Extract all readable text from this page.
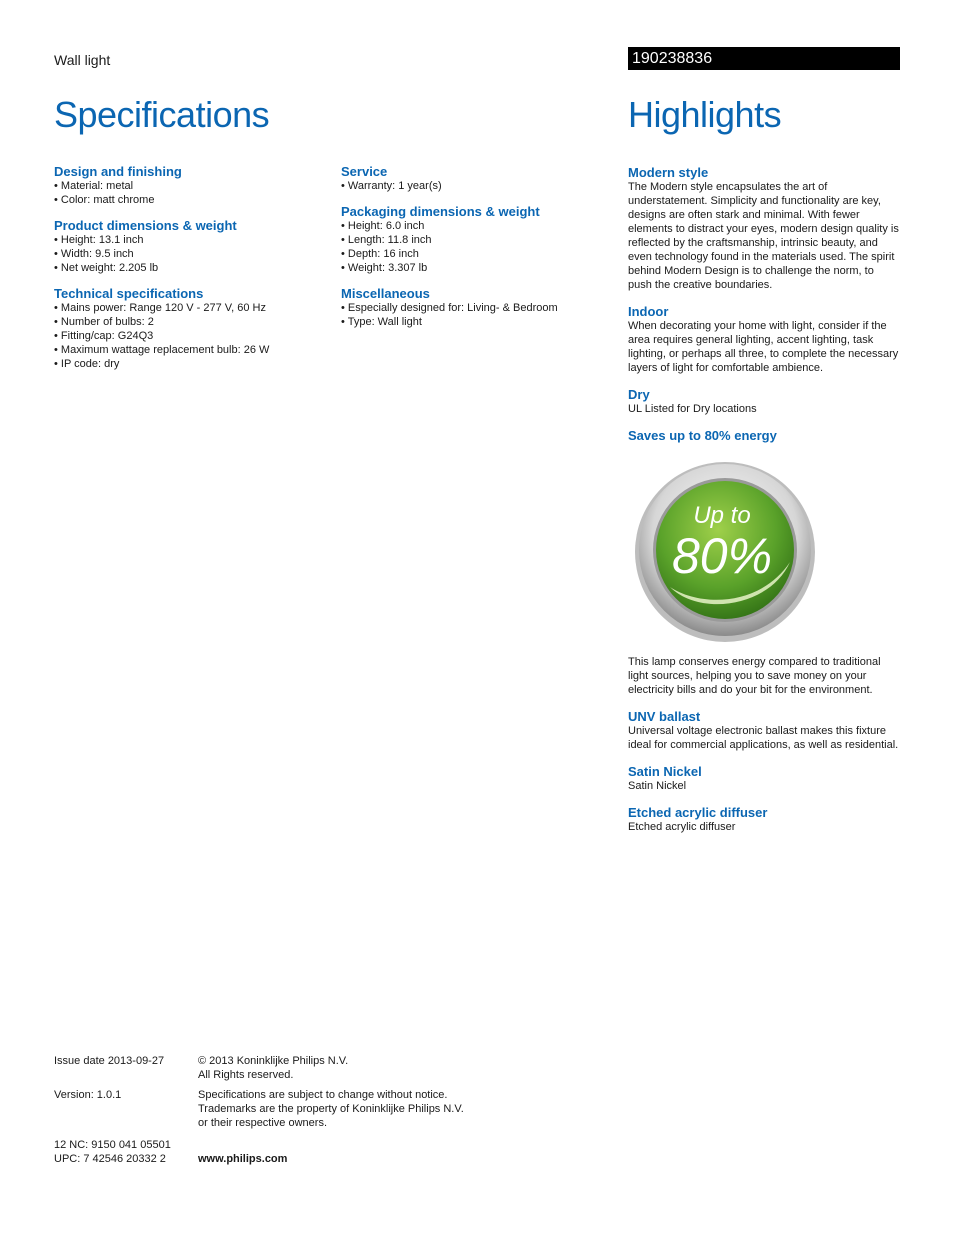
Wall light	190238836
Specifications	Highlights
Design and finishing
• Material: metal
• Color: matt chrome
Product dimensions & weight
• Height: 13.1 inch
• Width: 9.5 inch
• Net weight: 2.205 lb
Technical specifications
• Mains power: Range 120 V - 277 V, 60 Hz
• Number of bulbs: 2
• Fitting/cap: G24Q3
• Maximum wattage replacement bulb: 26 W
• IP code: dry
Service
• Warranty: 1 year(s)
Packaging dimensions & weight
• Height: 6.0 inch
• Length: 11.8 inch
• Depth: 16 inch
• Weight: 3.307 lb
Miscellaneous
• Especially designed for: Living- & Bedroom
• Type: Wall light
Modern style

The Modern style encapsulates the art of understatement. Simplicity and functionality are key, designs are often stark and minimal. With fewer elements to distract your eyes, modern design quality is reflected by the craftsmanship, intrinsic beauty, and even technology found in the materials used. The spirit behind Modern Design is to challenge the norm, to push the creative boundaries.

Indoor

When decorating your home with light, consider if the area requires general lighting, accent lighting, task lighting, or perhaps all three, to complete the necessary layers of light for comfortable ambience.

Dry

UL Listed for Dry locations

Saves up to 80% energy
Up to
80%

This lamp conserves energy compared to traditional light sources, helping you to save money on your electricity bills and do your bit for the environment.

UNV ballast

Universal voltage electronic ballast makes this fixture ideal for commercial applications, as well as residential.

Satin Nickel

Satin Nickel

Etched acrylic diffuser

Etched acrylic diffuser

Issue date 2013-09-27	© 2013 Koninklijke Philips N.V.
All Rights reserved.
Version: 1.0.1	Specifications are subject to change without notice.
Trademarks are the property of Koninklijke Philips N.V.
or their respective owners.
12 NC: 9150 041 05501
UPC: 7 42546 20332 2	www.philips.com
